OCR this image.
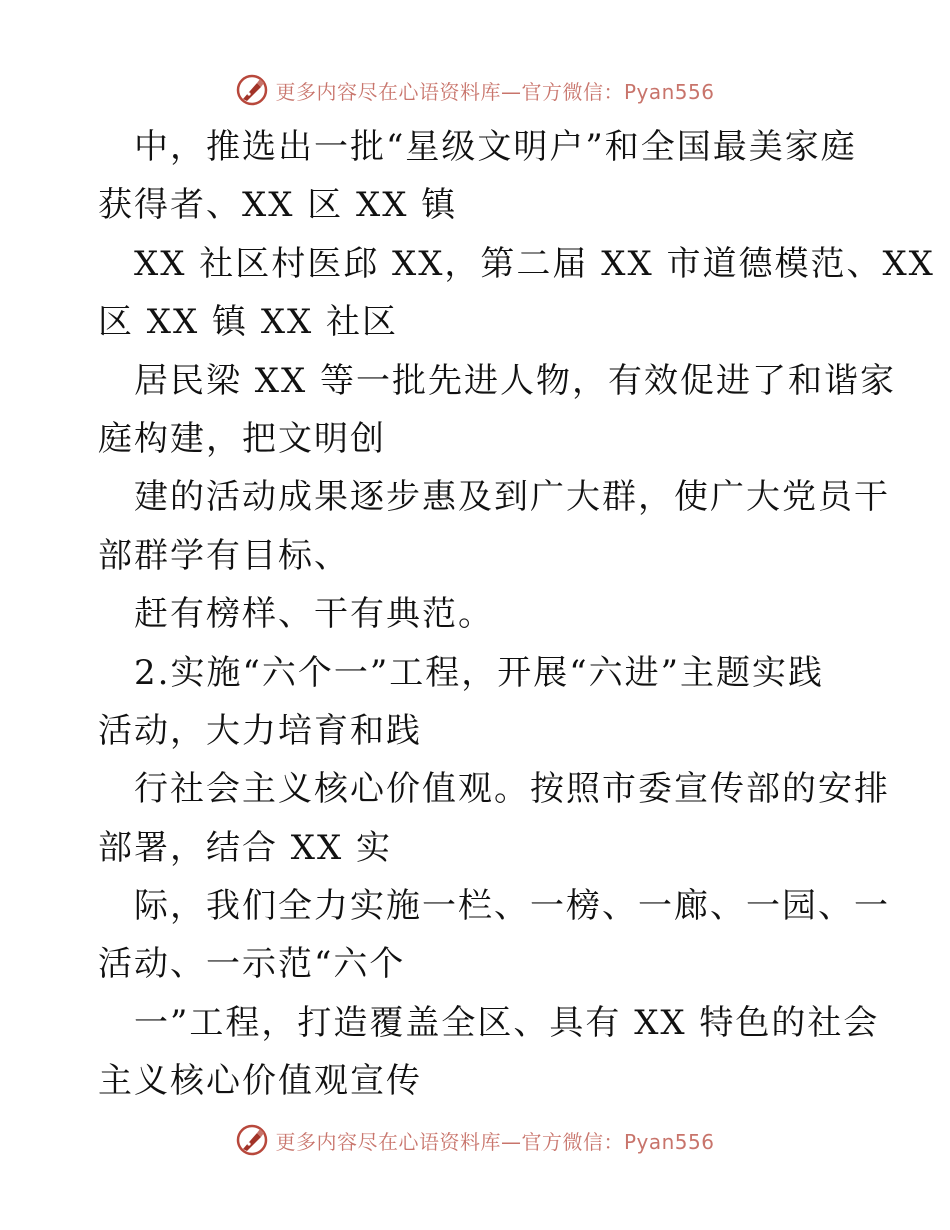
更多内容尽在心语资料库—官方微信：Pyan556
中，推选出一批“星级文明户”和全国最美家庭
获得者、XX 区 XX 镇
XX 社区村医邱 XX，第二届 XX 市道德模范、XX
区 XX 镇 XX 社区
居民梁 XX 等一批先进人物，有效促进了和谐家
庭构建，把文明创
建的活动成果逐步惠及到广大群，使广大党员干
部群学有目标、
赶有榜样、干有典范。
2.实施“六个一”工程，开展“六进”主题实践
活动，大力培育和践
行社会主义核心价值观。按照市委宣传部的安排
部署，结合 XX 实
际，我们全力实施一栏、一榜、一廊、一园、一
活动、一示范“六个
一”工程，打造覆盖全区、具有 XX 特色的社会
主义核心价值观宣传
更多内容尽在心语资料库—官方微信：Pyan556
